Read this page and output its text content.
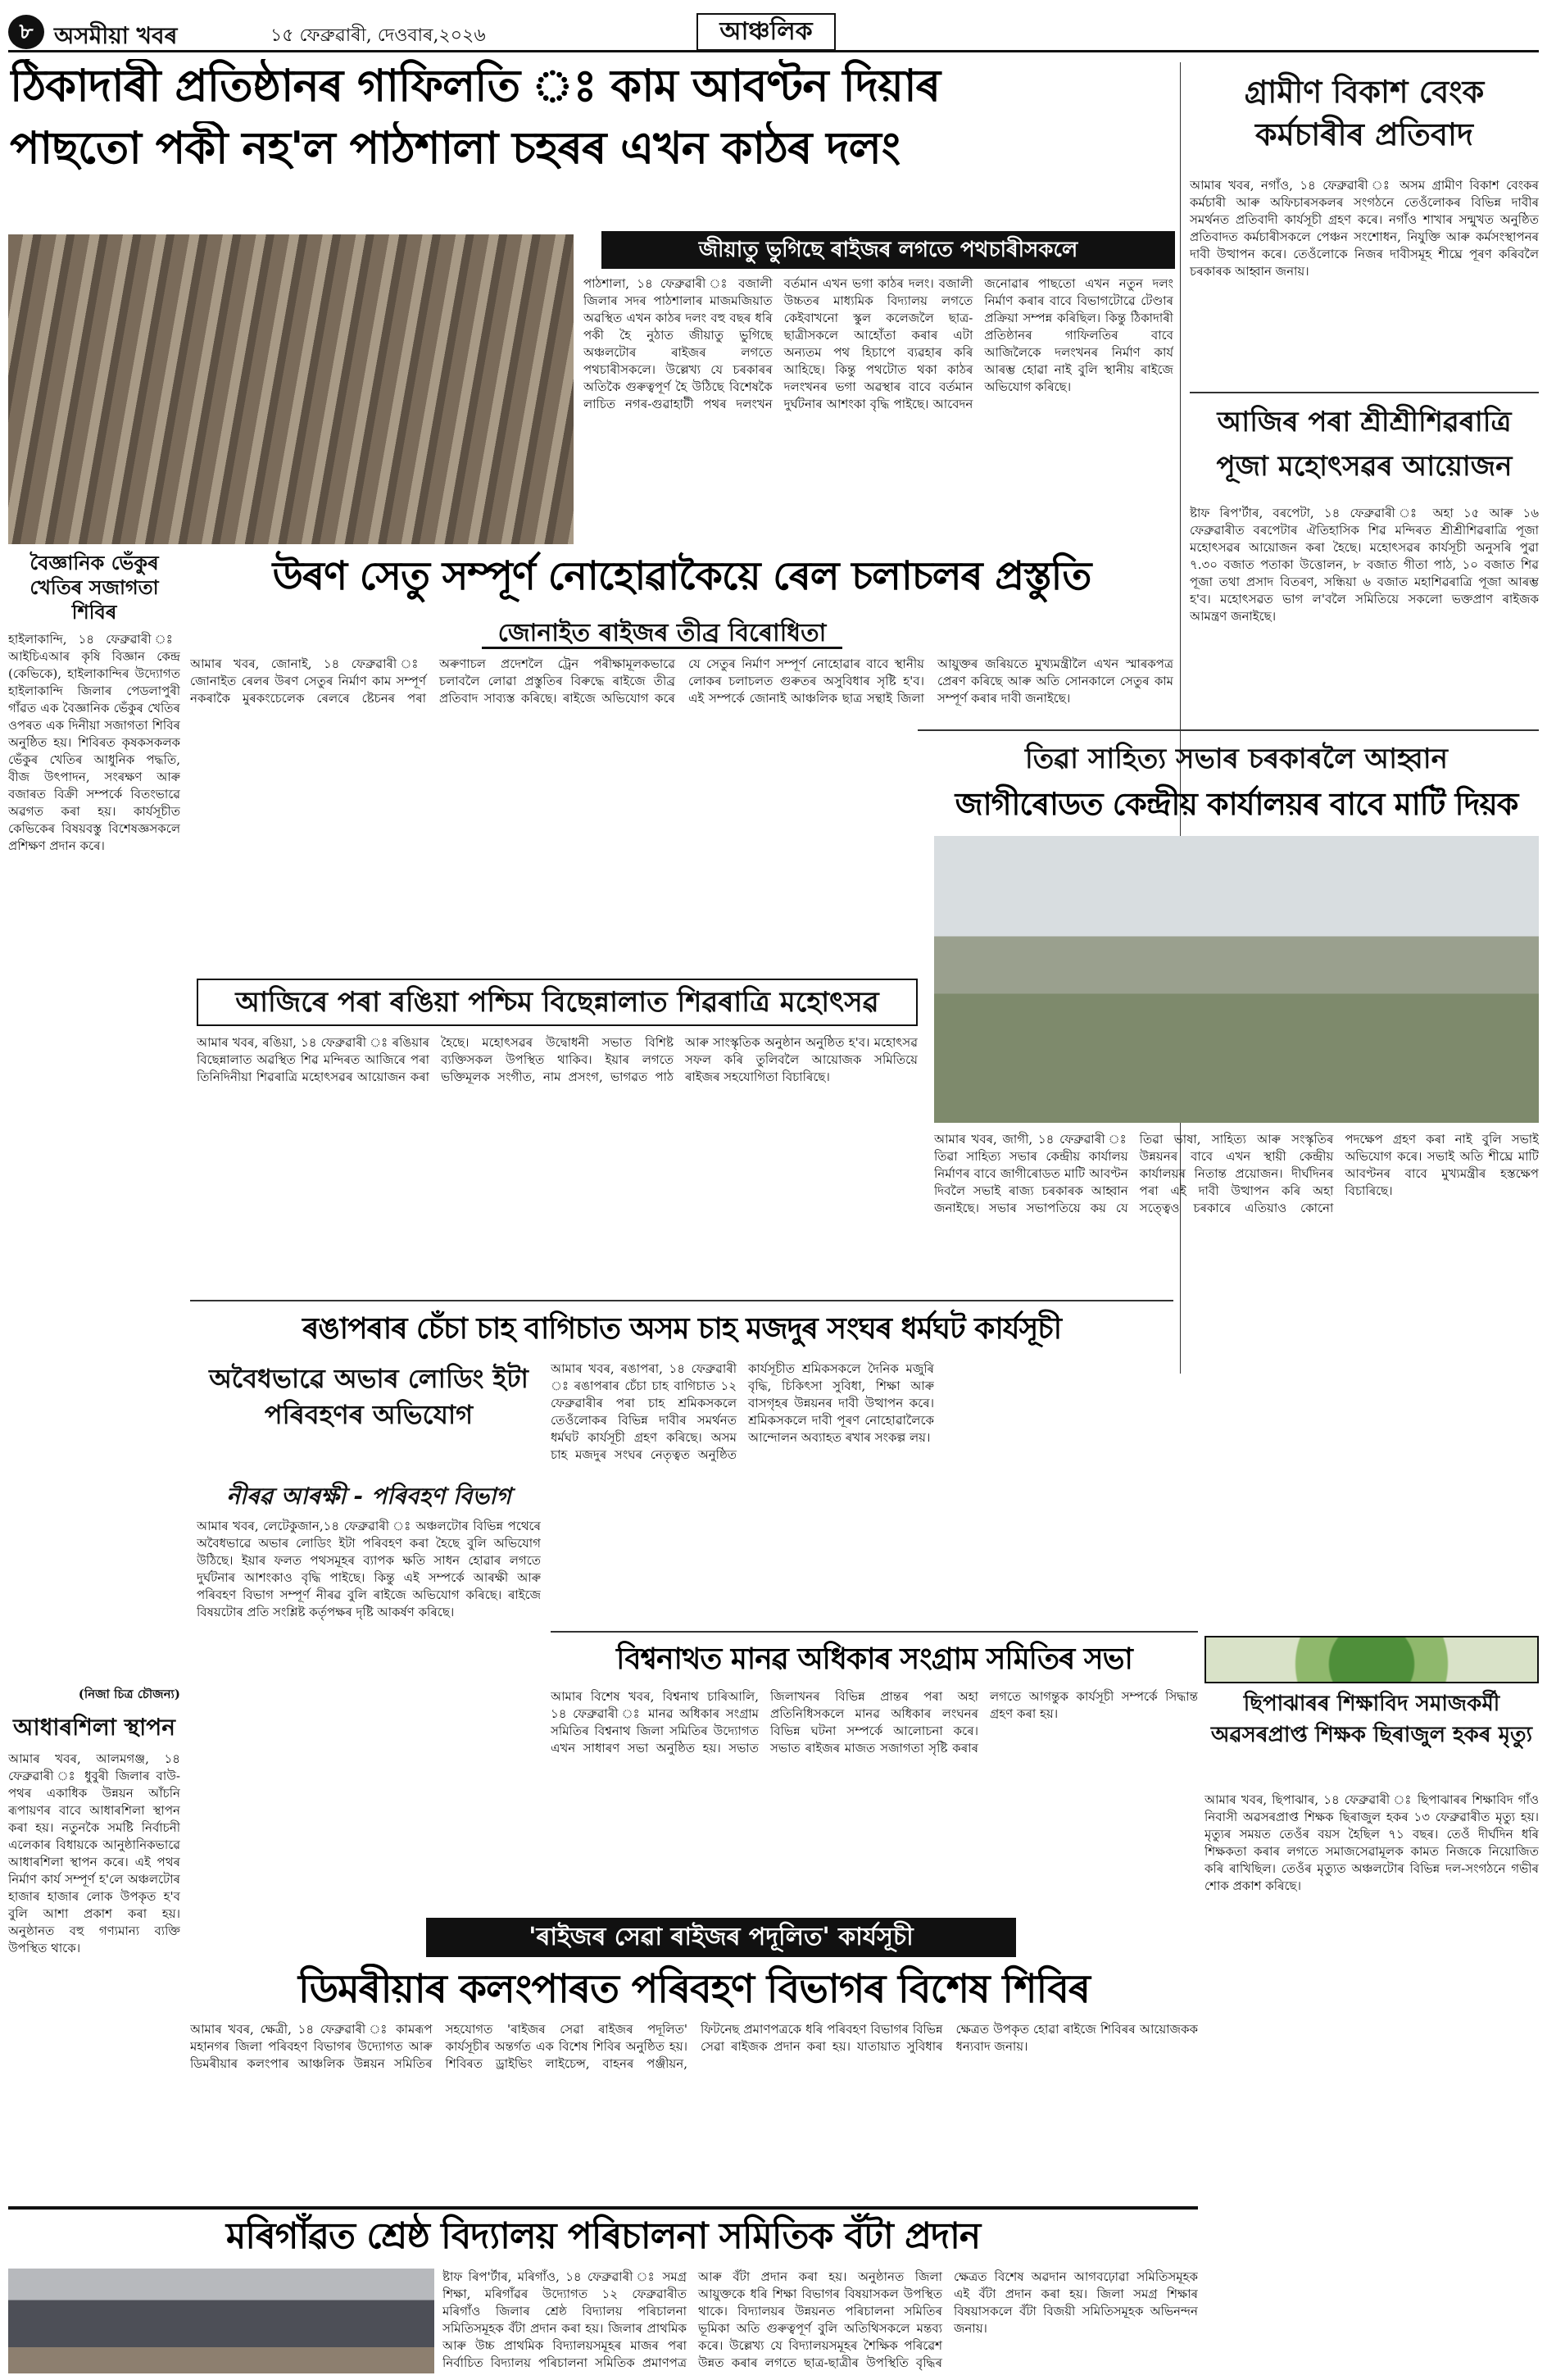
৮ অসমীয়া খবৰ	১৫ ফেব্ৰুৱাৰী, দেওবাৰ,২০২৬	আঞ্চলিক
ঠিকাদাৰী প্ৰতিষ্ঠানৰ গাফিলতি ঃ কাম আবণ্টন দিয়াৰ
পাছতো পকী নহ'ল পাঠশালা চহৰৰ এখন কাঠৰ দলং
জীয়াতু ভুগিছে ৰাইজৰ লগতে পথচাৰীসকলে
পাঠশালা, ১৪ ফেব্ৰুৱাৰী ঃ বজালী জিলাৰ সদৰ পাঠশালাৰ মাজমজিয়াত অৱস্থিত এখন কাঠৰ দলং বহু বছৰ ধৰি পকী হৈ নুঠাত জীয়াতু ভুগিছে অঞ্চলটোৰ ৰাইজৰ লগতে পথচাৰীসকলে। উল্লেখ্য যে চৰকাৰৰ অতিকৈ গুৰুত্বপূৰ্ণ হৈ উঠিছে বিশেষকৈ লাচিত নগৰ-গুৱাহাটী পথৰ দলংখন বৰ্তমান এখন ভগা কাঠৰ দলং। বজালী উচ্চতৰ মাধ্যমিক বিদ্যালয় লগতে কেইবাখনো স্কুল কলেজলৈ ছাত্ৰ-ছাত্ৰীসকলে আহোঁতা কৰাৰ এটা অন্যতম পথ হিচাপে ব্যৱহাৰ কৰি আহিছে। কিন্তু পথটোত থকা কাঠৰ দলংখনৰ ভগা অৱস্থাৰ বাবে বৰ্তমান দুৰ্ঘটনাৰ আশংকা বৃদ্ধি পাইছে। আবেদন জনোৱাৰ পাছতো এখন নতুন দলং নিৰ্মাণ কৰাৰ বাবে বিভাগটোৱে টেণ্ডাৰ প্ৰক্ৰিয়া সম্পন্ন কৰিছিল। কিন্তু ঠিকাদাৰী প্ৰতিষ্ঠানৰ গাফিলতিৰ বাবে আজিলৈকে দলংখনৰ নিৰ্মাণ কাৰ্য আৰম্ভ হোৱা নাই বুলি স্থানীয় ৰাইজে অভিযোগ কৰিছে।
গ্ৰামীণ বিকাশ বেংক কৰ্মচাৰীৰ প্ৰতিবাদ
আমাৰ খবৰ, নগাঁও, ১৪ ফেব্ৰুৱাৰী ঃ অসম গ্ৰামীণ বিকাশ বেংকৰ কৰ্মচাৰী আৰু অফিচাৰসকলৰ সংগঠনে তেওঁলোকৰ বিভিন্ন দাবীৰ সমৰ্থনত প্ৰতিবাদী কাৰ্যসূচী গ্ৰহণ কৰে। নগাঁও শাখাৰ সন্মুখত অনুষ্ঠিত প্ৰতিবাদত কৰ্মচাৰীসকলে পেঞ্চন সংশোধন, নিযুক্তি আৰু কৰ্মসংস্থাপনৰ দাবী উত্থাপন কৰে। তেওঁলোকে নিজৰ দাবীসমূহ শীঘ্ৰে পূৰণ কৰিবলৈ চৰকাৰক আহ্বান জনায়।
আজিৰ পৰা শ্ৰীশ্ৰীশিৱৰাত্ৰি পূজা মহোৎসৱৰ আয়োজন
ষ্টাফ ৰিপ'ৰ্টাৰ, বৰপেটা, ১৪ ফেব্ৰুৱাৰী ঃ অহা ১৫ আৰু ১৬ ফেব্ৰুৱাৰীত বৰপেটাৰ ঐতিহাসিক শিৱ মন্দিৰত শ্ৰীশ্ৰীশিৱৰাত্ৰি পূজা মহোৎসৱৰ আয়োজন কৰা হৈছে। মহোৎসৱৰ কাৰ্যসূচী অনুসৰি পুৱা ৭.৩০ বজাত পতাকা উত্তোলন, ৮ বজাত গীতা পাঠ, ১০ বজাত শিৱ পূজা তথা প্ৰসাদ বিতৰণ, সন্ধিয়া ৬ বজাত মহাশিৱৰাত্ৰি পূজা আৰম্ভ হ'ব। মহোৎসৱত ভাগ ল'বলৈ সমিতিয়ে সকলো ভক্তপ্ৰাণ ৰাইজক আমন্ত্ৰণ জনাইছে।
বৈজ্ঞানিক ভেঁকুৰ খেতিৰ সজাগতা শিবিৰ
হাইলাকান্দি, ১৪ ফেব্ৰুৱাৰী ঃ আইচিএআৰ কৃষি বিজ্ঞান কেন্দ্ৰ (কেভিকে), হাইলাকান্দিৰ উদ্যোগত হাইলাকান্দি জিলাৰ পেডলাপুৰী গাঁৱত এক বৈজ্ঞানিক ভেঁকুৰ খেতিৰ ওপৰত এক দিনীয়া সজাগতা শিবিৰ অনুষ্ঠিত হয়। শিবিৰত কৃষকসকলক ভেঁকুৰ খেতিৰ আধুনিক পদ্ধতি, বীজ উৎপাদন, সংৰক্ষণ আৰু বজাৰত বিক্ৰী সম্পৰ্কে বিতংভাৱে অৱগত কৰা হয়। কাৰ্যসূচীত কেভিকেৰ বিষয়বস্তু বিশেষজ্ঞসকলে প্ৰশিক্ষণ প্ৰদান কৰে।
(নিজা চিত্ৰ চৌজন্য)
উৰণ সেতু সম্পূৰ্ণ নোহোৱাকৈয়ে ৰেল চলাচলৰ প্ৰস্তুতি
জোনাইত ৰাইজৰ তীব্ৰ বিৰোধিতা
আমাৰ খবৰ, জোনাই, ১৪ ফেব্ৰুৱাৰী ঃ জোনাইত ৰেলৰ উৰণ সেতুৰ নিৰ্মাণ কাম সম্পূৰ্ণ নকৰাকৈ মুৰকংচেলেক ৰেলৰে ষ্টেচনৰ পৰা অৰুণাচল প্ৰদেশলৈ ট্ৰেন পৰীক্ষামূলকভাৱে চলাবলৈ লোৱা প্ৰস্তুতিৰ বিৰুদ্ধে ৰাইজে তীব্ৰ প্ৰতিবাদ সাব্যস্ত কৰিছে। ৰাইজে অভিযোগ কৰে যে সেতুৰ নিৰ্মাণ সম্পূৰ্ণ নোহোৱাৰ বাবে স্থানীয় লোকৰ চলাচলত গুৰুতৰ অসুবিধাৰ সৃষ্টি হ'ব। এই সম্পৰ্কে জোনাই আঞ্চলিক ছাত্ৰ সন্থাই জিলা আয়ুক্তৰ জৰিয়তে মুখ্যমন্ত্ৰীলৈ এখন স্মাৰকপত্ৰ প্ৰেৰণ কৰিছে আৰু অতি সোনকালে সেতুৰ কাম সম্পূৰ্ণ কৰাৰ দাবী জনাইছে।
তিৱা সাহিত্য সভাৰ চৰকাৰলৈ আহ্বান
জাগীৰোডত কেন্দ্ৰীয় কাৰ্যালয়ৰ বাবে মাটি দিয়ক
আমাৰ খবৰ, জাগী, ১৪ ফেব্ৰুৱাৰী ঃ তিৱা সাহিত্য সভাৰ কেন্দ্ৰীয় কাৰ্যালয় নিৰ্মাণৰ বাবে জাগীৰোডত মাটি আবণ্টন দিবলৈ সভাই ৰাজ্য চৰকাৰক আহ্বান জনাইছে। সভাৰ সভাপতিয়ে কয় যে তিৱা ভাষা, সাহিত্য আৰু সংস্কৃতিৰ উন্নয়নৰ বাবে এখন স্থায়ী কেন্দ্ৰীয় কাৰ্যালয়ৰ নিতান্ত প্ৰয়োজন। দীৰ্ঘদিনৰ পৰা এই দাবী উত্থাপন কৰি অহা সত্ত্বেও চৰকাৰে এতিয়াও কোনো পদক্ষেপ গ্ৰহণ কৰা নাই বুলি সভাই অভিযোগ কৰে। সভাই অতি শীঘ্ৰে মাটি আবণ্টনৰ বাবে মুখ্যমন্ত্ৰীৰ হস্তক্ষেপ বিচাৰিছে।
আজিৰে পৰা ৰঙিয়া পশ্চিম বিছেন্নালাত শিৱৰাত্ৰি মহোৎসৱ
আমাৰ খবৰ, ৰঙিয়া, ১৪ ফেব্ৰুৱাৰী ঃ ৰঙিয়াৰ বিছেন্নালাত অৱস্থিত শিৱ মন্দিৰত আজিৰে পৰা তিনিদিনীয়া শিৱৰাত্ৰি মহোৎসৱৰ আয়োজন কৰা হৈছে। মহোৎসৱৰ উদ্বোধনী সভাত বিশিষ্ট ব্যক্তিসকল উপস্থিত থাকিব। ইয়াৰ লগতে ভক্তিমূলক সংগীত, নাম প্ৰসংগ, ভাগৱত পাঠ আৰু সাংস্কৃতিক অনুষ্ঠান অনুষ্ঠিত হ'ব। মহোৎসৱ সফল কৰি তুলিবলৈ আয়োজক সমিতিয়ে ৰাইজৰ সহযোগিতা বিচাৰিছে।
ৰঙাপৰাৰ চেঁচা চাহ বাগিচাত অসম চাহ মজদুৰ সংঘৰ ধৰ্মঘট কাৰ্যসূচী
আমাৰ খবৰ, ৰঙাপৰা, ১৪ ফেব্ৰুৱাৰী ঃ ৰঙাপৰাৰ চেঁচা চাহ বাগিচাত ১২ ফেব্ৰুৱাৰীৰ পৰা চাহ শ্ৰমিকসকলে তেওঁলোকৰ বিভিন্ন দাবীৰ সমৰ্থনত ধৰ্মঘট কাৰ্যসূচী গ্ৰহণ কৰিছে। অসম চাহ মজদুৰ সংঘৰ নেতৃত্বত অনুষ্ঠিত কাৰ্যসূচীত শ্ৰমিকসকলে দৈনিক মজুৰি বৃদ্ধি, চিকিৎসা সুবিধা, শিক্ষা আৰু বাসগৃহৰ উন্নয়নৰ দাবী উত্থাপন কৰে। শ্ৰমিকসকলে দাবী পূৰণ নোহোৱালৈকে আন্দোলন অব্যাহত ৰখাৰ সংকল্প লয়।
অবৈধভাৱে অভাৰ লোডিং ইটা পৰিবহণৰ অভিযোগ
নীৰৱ আৰক্ষী - পৰিবহণ বিভাগ
আমাৰ খবৰ, লেটেকুজান,১৪ ফেব্ৰুৱাৰী ঃ অঞ্চলটোৰ বিভিন্ন পথেৰে অবৈধভাৱে অভাৰ লোডিং ইটা পৰিবহণ কৰা হৈছে বুলি অভিযোগ উঠিছে। ইয়াৰ ফলত পথসমূহৰ ব্যাপক ক্ষতি সাধন হোৱাৰ লগতে দুৰ্ঘটনাৰ আশংকাও বৃদ্ধি পাইছে। কিন্তু এই সম্পৰ্কে আৰক্ষী আৰু পৰিবহণ বিভাগ সম্পূৰ্ণ নীৰৱ বুলি ৰাইজে অভিযোগ কৰিছে। ৰাইজে বিষয়টোৰ প্ৰতি সংশ্লিষ্ট কৰ্তৃপক্ষৰ দৃষ্টি আকৰ্ষণ কৰিছে।
আধাৰশিলা স্থাপন
আমাৰ খবৰ, আলমগঞ্জ, ১৪ ফেব্ৰুৱাৰী ঃ ধুবুৰী জিলাৰ বাউ-পথৰ একাধিক উন্নয়ন আঁচনি ৰূপায়ণৰ বাবে আধাৰশিলা স্থাপন কৰা হয়। নতুনকৈ সমষ্টি নিৰ্বাচনী এলেকাৰ বিধায়কে আনুষ্ঠানিকভাৱে আধাৰশিলা স্থাপন কৰে। এই পথৰ নিৰ্মাণ কাৰ্য সম্পূৰ্ণ হ'লে অঞ্চলটোৰ হাজাৰ হাজাৰ লোক উপকৃত হ'ব বুলি আশা প্ৰকাশ কৰা হয়। অনুষ্ঠানত বহু গণ্যমান্য ব্যক্তি উপস্থিত থাকে।
বিশ্বনাথত মানৱ অধিকাৰ সংগ্ৰাম সমিতিৰ সভা
আমাৰ বিশেষ খবৰ, বিশ্বনাথ চাৰিআলি, ১৪ ফেব্ৰুৱাৰী ঃ মানৱ অধিকাৰ সংগ্ৰাম সমিতিৰ বিশ্বনাথ জিলা সমিতিৰ উদ্যোগত এখন সাধাৰণ সভা অনুষ্ঠিত হয়। সভাত জিলাখনৰ বিভিন্ন প্ৰান্তৰ পৰা অহা প্ৰতিনিধিসকলে মানৱ অধিকাৰ লংঘনৰ বিভিন্ন ঘটনা সম্পৰ্কে আলোচনা কৰে। সভাত ৰাইজৰ মাজত সজাগতা সৃষ্টি কৰাৰ লগতে আগন্তুক কাৰ্যসূচী সম্পৰ্কে সিদ্ধান্ত গ্ৰহণ কৰা হয়।	ছিপাঝাৰৰ শিক্ষাবিদ সমাজকৰ্মী অৱসৰপ্ৰাপ্ত শিক্ষক ছিৰাজুল হকৰ মৃত্যু
আমাৰ খবৰ, ছিপাঝাৰ, ১৪ ফেব্ৰুৱাৰী ঃ ছিপাঝাৰৰ শিক্ষাবিদ গাঁও নিবাসী অৱসৰপ্ৰাপ্ত শিক্ষক ছিৰাজুল হকৰ ১৩ ফেব্ৰুৱাৰীত মৃত্যু হয়। মৃত্যুৰ সময়ত তেওঁৰ বয়স হৈছিল ৭১ বছৰ। তেওঁ দীৰ্ঘদিন ধৰি শিক্ষকতা কৰাৰ লগতে সমাজসেৱামূলক কামত নিজকে নিয়োজিত কৰি ৰাখিছিল। তেওঁৰ মৃত্যুত অঞ্চলটোৰ বিভিন্ন দল-সংগঠনে গভীৰ শোক প্ৰকাশ কৰিছে।
'ৰাইজৰ সেৱা ৰাইজৰ পদূলিত' কাৰ্যসূচী
ডিমৰীয়াৰ কলংপাৰত পৰিবহণ বিভাগৰ বিশেষ শিবিৰ
আমাৰ খবৰ, ক্ষেত্ৰী, ১৪ ফেব্ৰুৱাৰী ঃ কামৰূপ মহানগৰ জিলা পৰিবহণ বিভাগৰ উদ্যোগত আৰু ডিমৰীয়াৰ কলংপাৰ আঞ্চলিক উন্নয়ন সমিতিৰ সহযোগত 'ৰাইজৰ সেৱা ৰাইজৰ পদূলিত' কাৰ্যসূচীৰ অন্তৰ্গত এক বিশেষ শিবিৰ অনুষ্ঠিত হয়। শিবিৰত ড্ৰাইভিং লাইচেন্স, বাহনৰ পঞ্জীয়ন, ফিটনেছ প্ৰমাণপত্ৰকে ধৰি পৰিবহণ বিভাগৰ বিভিন্ন সেৱা ৰাইজক প্ৰদান কৰা হয়। যাতায়াত সুবিধাৰ ক্ষেত্ৰত উপকৃত হোৱা ৰাইজে শিবিৰৰ আয়োজকক ধন্যবাদ জনায়।
মৰিগাঁৱত শ্ৰেষ্ঠ বিদ্যালয় পৰিচালনা সমিতিক বঁটা প্ৰদান
ষ্টাফ ৰিপ'ৰ্টাৰ, মৰিগাঁও, ১৪ ফেব্ৰুৱাৰী ঃ সমগ্ৰ শিক্ষা, মৰিগাঁৱৰ উদ্যোগত ১২ ফেব্ৰুৱাৰীত মৰিগাঁও জিলাৰ শ্ৰেষ্ঠ বিদ্যালয় পৰিচালনা সমিতিসমূহক বঁটা প্ৰদান কৰা হয়। জিলাৰ প্ৰাথমিক আৰু উচ্চ প্ৰাথমিক বিদ্যালয়সমূহৰ মাজৰ পৰা নিৰ্বাচিত বিদ্যালয় পৰিচালনা সমিতিক প্ৰমাণপত্ৰ আৰু বঁটা প্ৰদান কৰা হয়। অনুষ্ঠানত জিলা আয়ুক্তকে ধৰি শিক্ষা বিভাগৰ বিষয়াসকল উপস্থিত থাকে। বিদ্যালয়ৰ উন্নয়নত পৰিচালনা সমিতিৰ ভূমিকা অতি গুৰুত্বপূৰ্ণ বুলি অতিথিসকলে মন্তব্য কৰে। উল্লেখ্য যে বিদ্যালয়সমূহৰ শৈক্ষিক পৰিৱেশ উন্নত কৰাৰ লগতে ছাত্ৰ-ছাত্ৰীৰ উপস্থিতি বৃদ্ধিৰ ক্ষেত্ৰত বিশেষ অৱদান আগবঢ়োৱা সমিতিসমূহক এই বঁটা প্ৰদান কৰা হয়। জিলা সমগ্ৰ শিক্ষাৰ বিষয়াসকলে বঁটা বিজয়ী সমিতিসমূহক অভিনন্দন জনায়।
